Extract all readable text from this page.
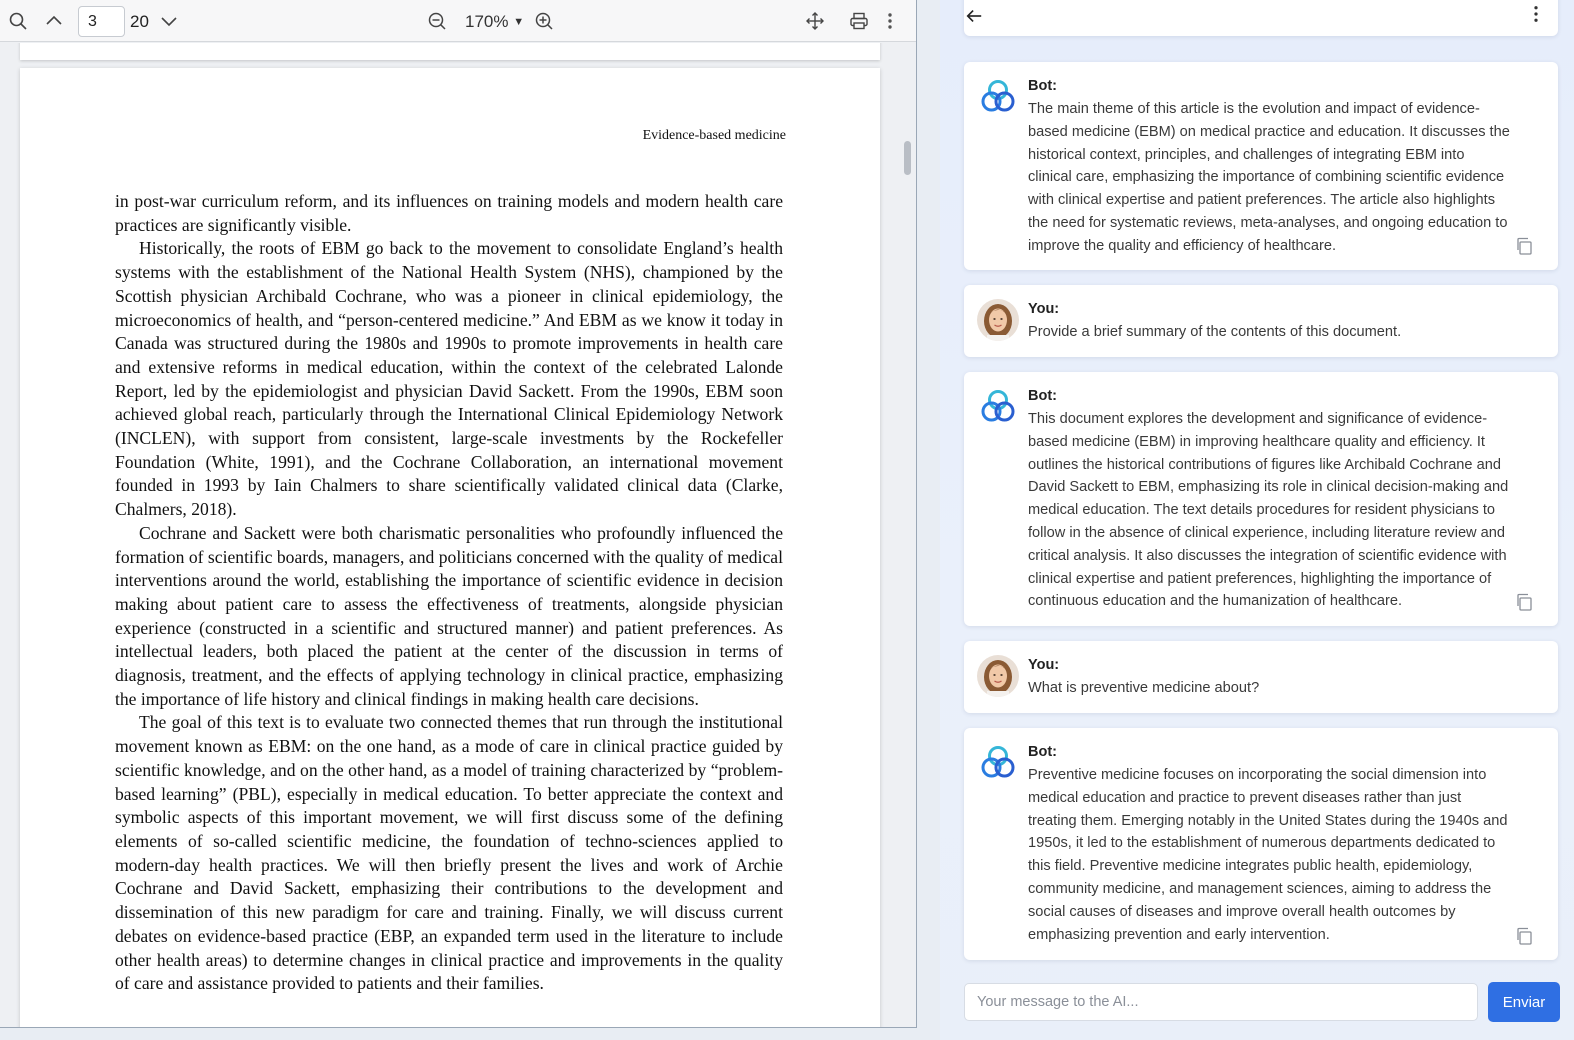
3
20	170% ▼
Evidence-based medicine

in post-war curriculum reform, and its influences on training models and modern health care practices are significantly visible.

Historically, the roots of EBM go back to the movement to consolidate England’s health systems with the establishment of the National Health System (NHS), championed by the Scottish physician Archibald Cochrane, who was a pioneer in clinical epidemiology, the microeconomics of health, and “person-centered medicine.” And EBM as we know it today in Canada was structured during the 1980s and 1990s to promote improvements in health care and extensive reforms in medical education, within the context of the celebrated Lalonde Report, led by the epidemiologist and physician David Sackett. From the 1990s, EBM soon achieved global reach, particularly through the International Clinical Epidemiology Network (INCLEN), with support from consistent, large-scale investments by the Rockefeller Foundation (White, 1991), and the Cochrane Collaboration, an international movement founded in 1993 by Iain Chalmers to share scientifically validated clinical data (Clarke, Chalmers, 2018).

Cochrane and Sackett were both charismatic personalities who profoundly influenced the formation of scientific boards, managers, and politicians concerned with the quality of medical interventions around the world, establishing the importance of scientific evidence in decision making about patient care to assess the effectiveness of treatments, alongside physician experience (constructed in a scientific and structured manner) and patient preferences. As intellectual leaders, both placed the patient at the center of the discussion in terms of diagnosis, treatment, and the effects of applying technology in clinical practice, emphasizing the importance of life history and clinical findings in making health care decisions.

The goal of this text is to evaluate two connected themes that run through the institutional movement known as EBM: on the one hand, as a mode of care in clinical practice guided by scientific knowledge, and on the other hand, as a model of training characterized by “problem-based learning” (PBL), especially in medical education. To better appreciate the context and symbolic aspects of this important movement, we will first discuss some of the defining elements of so-called scientific medicine, the foundation of techno-sciences applied to modern-day health practices. We will then briefly present the lives and work of Archie Cochrane and David Sackett, emphasizing their contributions to the development and dissemination of this new paradigm for care and training. Finally, we will discuss current debates on evidence-based practice (EBP, an expanded term used in the literature to include other health areas) to determine changes in clinical practice and improvements in the quality of care and assistance provided to patients and their families.

Bot:
The main theme of this article is the evolution and impact of evidence-based medicine (EBM) on medical practice and education. It discusses the historical context, principles, and challenges of integrating EBM into clinical care, emphasizing the importance of combining scientific evidence with clinical expertise and patient preferences. The article also highlights the need for systematic reviews, meta-analyses, and ongoing education to improve the quality and efficiency of healthcare.
You:
Provide a brief summary of the contents of this document.
Bot:
This document explores the development and significance of evidence-based medicine (EBM) in improving healthcare quality and efficiency. It outlines the historical contributions of figures like Archibald Cochrane and David Sackett to EBM, emphasizing its role in clinical decision-making and medical education. The text details procedures for resident physicians to follow in the absence of clinical experience, including literature review and critical analysis. It also discusses the integration of scientific evidence with clinical expertise and patient preferences, highlighting the importance of continuous education and the humanization of healthcare.
You:
What is preventive medicine about?
Bot:
Preventive medicine focuses on incorporating the social dimension into medical education and practice to prevent diseases rather than just treating them. Emerging notably in the United States during the 1940s and 1950s, it led to the establishment of numerous departments dedicated to this field. Preventive medicine integrates public health, epidemiology, community medicine, and management sciences, aiming to address the social causes of diseases and improve overall health outcomes by emphasizing prevention and early intervention.
Your message to the AI...
Enviar
